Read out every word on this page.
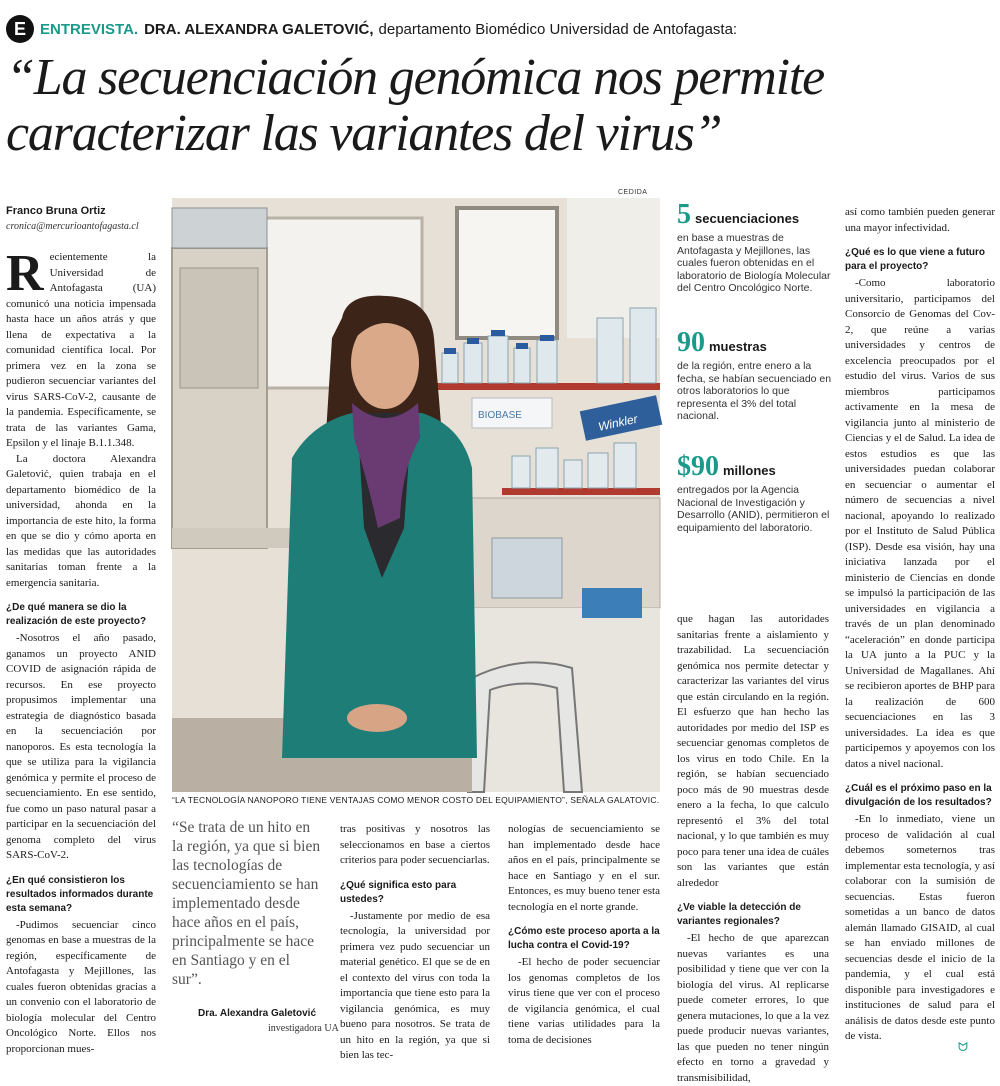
E ENTREVISTA. DRA. ALEXANDRA GALETOVIĆ, departamento Biomédico Universidad de Antofagasta:
“La secuenciación genómica nos permite
caracterizar las variantes del virus”
Franco Bruna Ortiz
cronica@mercurioantofagasta.cl

Recientemente la Universidad de Antofagasta (UA) comunicó una noticia impensada hasta hace un años atrás y que llena de expectativa a la comunidad científica local. Por primera vez en la zona se pudieron secuenciar variantes del virus SARS-CoV-2, causante de la pandemia. Específicamente, se trata de las variantes Gama, Epsilon y el linaje B.1.1.348.

La doctora Alexandra Galetović, quien trabaja en el departamento biomédico de la universidad, ahonda en la importancia de este hito, la forma en que se dio y cómo aporta en las medidas que las autoridades sanitarias toman frente a la emergencia sanitaria.

¿De qué manera se dio la realización de este proyecto?

-Nosotros el año pasado, ganamos un proyecto ANID COVID de asignación rápida de recursos. En ese proyecto propusimos implementar una estrategia de diagnóstico basada en la secuenciación por nanoporos. Es esta tecnología la que se utiliza para la vigilancia genómica y permite el proceso de secuenciamiento. En ese sentido, fue como un paso natural pasar a participar en la secuenciación del genoma completo del virus SARS-CoV-2.

¿En qué consistieron los resultados informados durante esta semana?

-Pudimos secuenciar cinco genomas en base a muestras de la región, específicamente de Antofagasta y Mejillones, las cuales fueron obtenidas gracias a un convenio con el laboratorio de biología molecular del Centro Oncológico Norte. Ellos nos proporcionan mues-

CEDIDA
BIOBASE	Winkler
“LA TECNOLOGÍA NANOPORO TIENE VENTAJAS COMO MENOR COSTO DEL EQUIPAMIENTO”, SEÑALA GALATOVIC.

“Se trata de un hito en la región, ya que si bien las tecnologías de secuenciamiento se han implementado desde hace años en el país, principalmente se hace en Santiago y en el sur”.

Dra. Alexandra Galetović
investigadora UA

tras positivas y nosotros las seleccionamos en base a ciertos criterios para poder secuenciarlas.

¿Qué significa esto para ustedes?

-Justamente por medio de esa tecnología, la universidad por primera vez pudo secuenciar un material genético. El que se de en el contexto del virus con toda la importancia que tiene esto para la vigilancia genómica, es muy bueno para nosotros. Se trata de un hito en la región, ya que si bien las tec-

nologías de secuenciamiento se han implementado desde hace años en el país, principalmente se hace en Santiago y en el sur. Entonces, es muy bueno tener esta tecnología en el norte grande.

¿Cómo este proceso aporta a la lucha contra el Covid-19?

-El hecho de poder secuenciar los genomas completos de los virus tiene que ver con el proceso de vigilancia genómica, el cual tiene varias utilidades para la toma de decisiones

5 secuenciaciones
en base a muestras de Antofagasta y Mejillones, las cuales fueron obtenidas en el laboratorio de Biología Molecular del Centro Oncológico Norte.
90 muestras
de la región, entre enero a la fecha, se habían secuenciado en otros laboratorios lo que representa el 3% del total nacional.
$90 millones
entregados por la Agencia Nacional de Investigación y Desarrollo (ANID), permitieron el equipamiento del laboratorio.

que hagan las autoridades sanitarias frente a aislamiento y trazabilidad. La secuenciación genómica nos permite detectar y caracterizar las variantes del virus que están circulando en la región. El esfuerzo que han hecho las autoridades por medio del ISP es secuenciar genomas completos de los virus en todo Chile. En la región, se habían secuenciado poco más de 90 muestras desde enero a la fecha, lo que calculo representó el 3% del total nacional, y lo que también es muy poco para tener una idea de cuáles son las variantes que están alrededor

¿Ve viable la detección de variantes regionales?

-El hecho de que aparezcan nuevas variantes es una posibilidad y tiene que ver con la biología del virus. Al replicarse puede cometer errores, lo que genera mutaciones, lo que a la vez puede producir nuevas variantes, las que pueden no tener ningún efecto en torno a gravedad y transmisibilidad,

así como también pueden generar una mayor infectividad.

¿Qué es lo que viene a futuro para el proyecto?

-Como laboratorio universitario, participamos del Consorcio de Genomas del Cov-2, que reúne a varias universidades y centros de excelencia preocupados por el estudio del virus. Varios de sus miembros participamos activamente en la mesa de vigilancia junto al ministerio de Ciencias y el de Salud. La idea de estos estudios es que las universidades puedan colaborar en secuenciar o aumentar el número de secuencias a nivel nacional, apoyando lo realizado por el Instituto de Salud Pública (ISP). Desde esa visión, hay una iniciativa lanzada por el ministerio de Ciencias en donde se impulsó la participación de las universidades en vigilancia a través de un plan denominado “aceleración” en donde participa la UA junto a la PUC y la Universidad de Magallanes. Ahí se recibieron aportes de BHP para la realización de 600 secuenciaciones en las 3 universidades. La idea es que participemos y apoyemos con los datos a nivel nacional.

¿Cuál es el próximo paso en la divulgación de los resultados?

-En lo inmediato, viene un proceso de validación al cual debemos someternos tras implementar esta tecnología, y así colaborar con la sumisión de secuencias. Estas fueron sometidas a un banco de datos alemán llamado GISAID, al cual se han enviado millones de secuencias desde el inicio de la pandemia, y el cual está disponible para investigadores e instituciones de salud para el análisis de datos desde este punto de vista.

ᗢ
